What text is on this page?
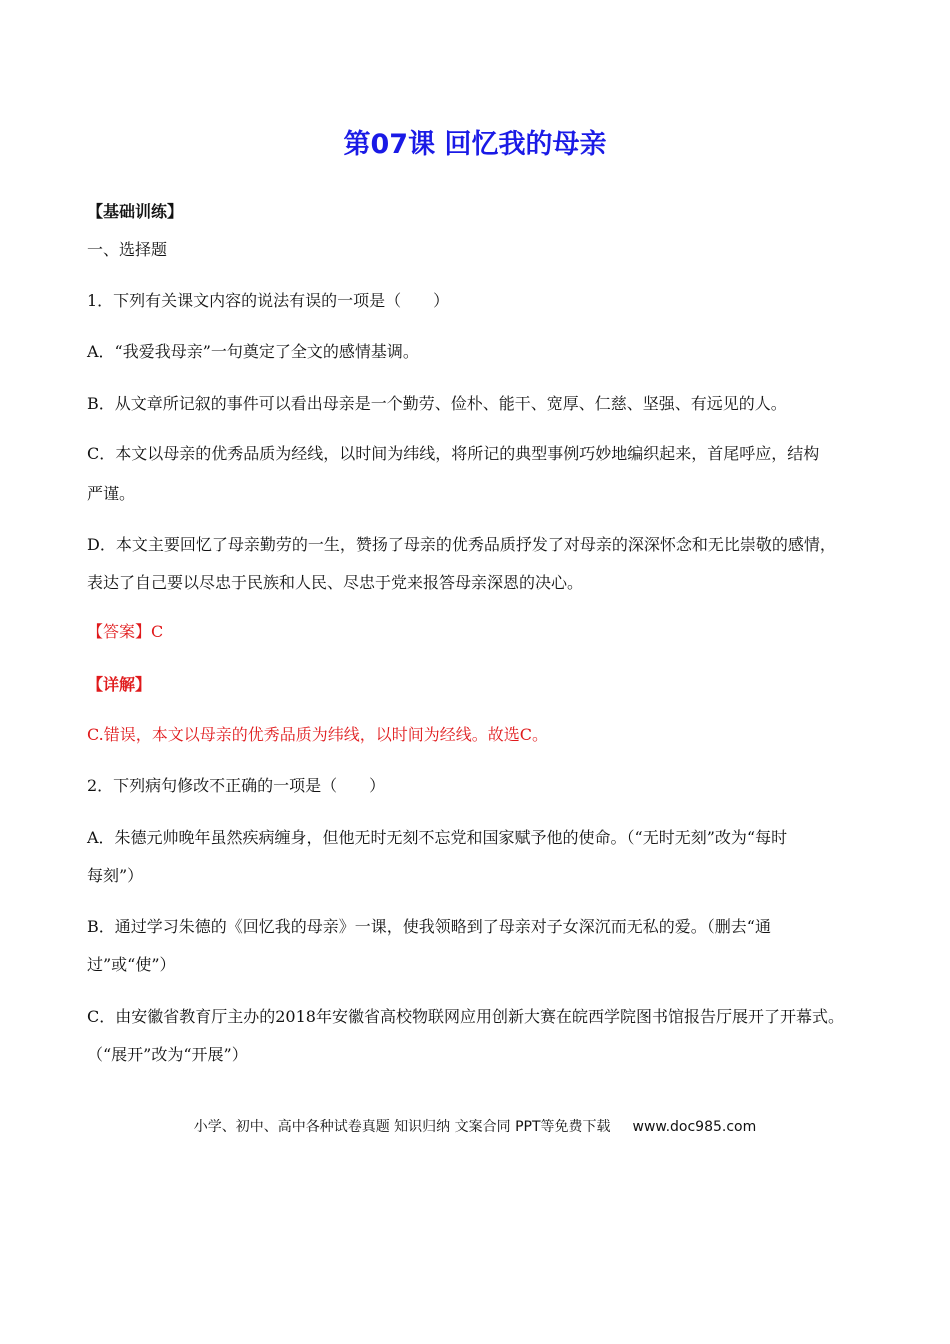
第07课 回忆我的母亲
【基础训练】
一、选择题
1．下列有关课文内容的说法有误的一项是（　　）
A．“我爱我母亲”一句奠定了全文的感情基调。
B．从文章所记叙的事件可以看出母亲是一个勤劳、俭朴、能干、宽厚、仁慈、坚强、有远见的人。
C．本文以母亲的优秀品质为经线，以时间为纬线，将所记的典型事例巧妙地编织起来，首尾呼应，结构
严谨。
D．本文主要回忆了母亲勤劳的一生，赞扬了母亲的优秀品质抒发了对母亲的深深怀念和无比崇敬的感情，
表达了自己要以尽忠于民族和人民、尽忠于党来报答母亲深恩的决心。
【答案】C
【详解】
C.错误，本文以母亲的优秀品质为纬线，以时间为经线。故选C。
2．下列病句修改不正确的一项是（　　）
A．朱德元帅晚年虽然疾病缠身，但他无时无刻不忘党和国家赋予他的使命。（“无时无刻”改为“每时
每刻”）
B．通过学习朱德的《回忆我的母亲》一课，使我领略到了母亲对子女深沉而无私的爱。（删去“通
过”或“使”）
C．由安徽省教育厅主办的2018年安徽省高校物联网应用创新大赛在皖西学院图书馆报告厅展开了开幕式。
（“展开”改为“开展”）
小学、初中、高中各种试卷真题 知识归纳 文案合同 PPT等免费下载 www.doc985.com
